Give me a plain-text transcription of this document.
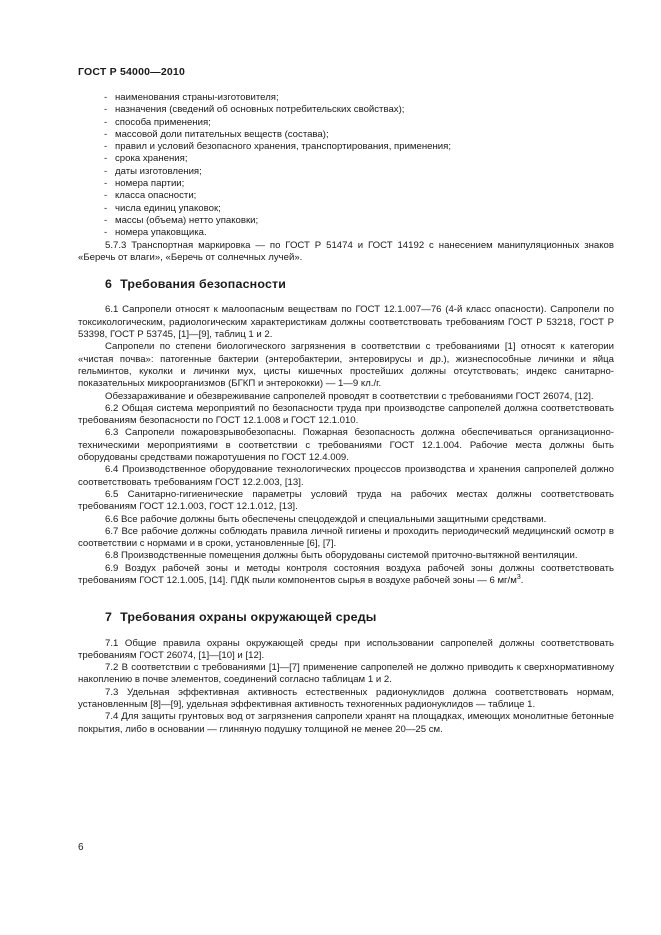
ГОСТ Р 54000—2010
- наименования страны-изготовителя;
- назначения (сведений об основных потребительских свойствах);
- способа применения;
- массовой доли питательных веществ (состава);
- правил и условий безопасного хранения, транспортирования, применения;
- срока хранения;
- даты изготовления;
- номера партии;
- класса опасности;
- числа единиц упаковок;
- массы (объема) нетто упаковки;
- номера упаковщика.

5.7.3 Транспортная маркировка — по ГОСТ Р 51474 и ГОСТ 14192 с нанесением манипуляционных знаков «Беречь от влаги», «Беречь от солнечных лучей».

6 Требования безопасности

6.1 Сапропели относят к малоопасным веществам по ГОСТ 12.1.007—76 (4-й класс опасности). Сапропели по токсикологическим, радиологическим характеристикам должны соответствовать требованиям ГОСТ Р 53218, ГОСТ Р 53398, ГОСТ Р 53745, [1]—[9], таблиц 1 и 2.

Сапропели по степени биологического загрязнения в соответствии с требованиями [1] относят к категории «чистая почва»: патогенные бактерии (энтеробактерии, энтеровирусы и др.), жизнеспособные личинки и яйца гельминтов, куколки и личинки мух, цисты кишечных простейших должны отсутствовать; индекс санитарно-показательных микроорганизмов (БГКП и энтерококки) — 1—9 кл./г.

Обеззараживание и обезвреживание сапропелей проводят в соответствии с требованиями ГОСТ 26074, [12].

6.2 Общая система мероприятий по безопасности труда при производстве сапропелей должна соответствовать требованиям безопасности по ГОСТ 12.1.008 и ГОСТ 12.1.010.

6.3 Сапропели пожаровзрывобезопасны. Пожарная безопасность должна обеспечиваться организационно-техническими мероприятиями в соответствии с требованиями ГОСТ 12.1.004. Рабочие места должны быть оборудованы средствами пожаротушения по ГОСТ 12.4.009.

6.4 Производственное оборудование технологических процессов производства и хранения сапропелей должно соответствовать требованиям ГОСТ 12.2.003, [13].

6.5 Санитарно-гигиенические параметры условий труда на рабочих местах должны соответствовать требованиям ГОСТ 12.1.003, ГОСТ 12.1.012, [13].

6.6 Все рабочие должны быть обеспечены спецодеждой и специальными защитными средствами.

6.7 Все рабочие должны соблюдать правила личной гигиены и проходить периодический медицинский осмотр в соответствии с нормами и в сроки, установленные [6], [7].

6.8 Производственные помещения должны быть оборудованы системой приточно-вытяжной вентиляции.

6.9 Воздух рабочей зоны и методы контроля состояния воздуха рабочей зоны должны соответствовать требованиям ГОСТ 12.1.005, [14]. ПДК пыли компонентов сырья в воздухе рабочей зоны — 6 $мг/м^3$.

7 Требования охраны окружающей среды

7.1 Общие правила охраны окружающей среды при использовании сапропелей должны соответствовать требованиям ГОСТ 26074, [1]—[10] и [12].

7.2 В соответствии с требованиями [1]—[7] применение сапропелей не должно приводить к сверхнормативному накоплению в почве элементов, соединений согласно таблицам 1 и 2.

7.3 Удельная эффективная активность естественных радионуклидов должна соответствовать нормам, установленным [8]—[9], удельная эффективная активность техногенных радионуклидов — таблице 1.

7.4 Для защиты грунтовых вод от загрязнения сапропели хранят на площадках, имеющих монолитные бетонные покрытия, либо в основании — глиняную подушку толщиной не менее 20—25 см.

6
